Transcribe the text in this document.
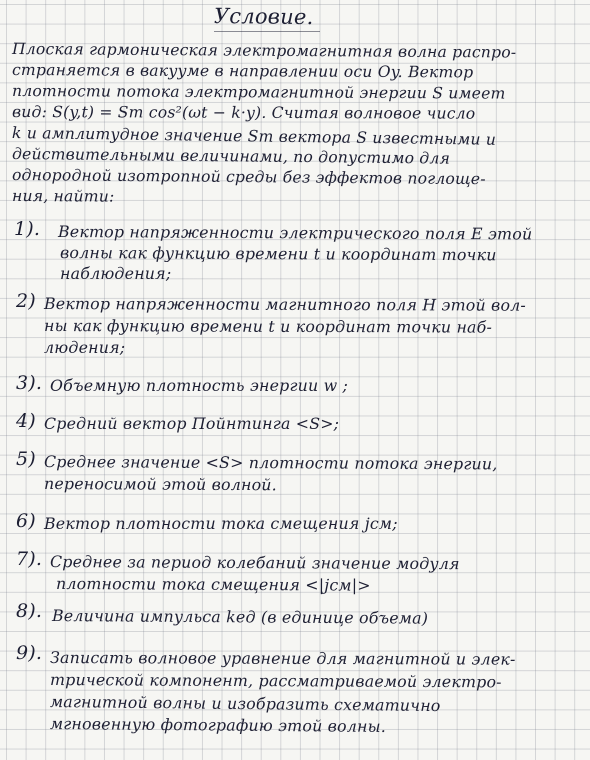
Условие.
Плоская гармоническая электромагнитная волна распро-
страняется в вакууме в направлении оси Oy. Вектор
плотности потока электромагнитной энергии S имеет
вид: S(y,t) = Sm cos²(ωt − k·y). Считая волновое число
k и амплитудное значение Sm вектора S известными и
действительными величинами, по допустимо для
однородной изотропной среды без эффектов поглоще-
ния, найти:
1). Вектор напряженности электрического поля E этой
волны как функцию времени t и координат точки
наблюдения;
2) Вектор напряженности магнитного поля H этой вол-
ны как функцию времени t и координат точки наб-
людения;
3). Объемную плотность энергии w ;
4) Средний вектор Пойнтинга <S>;
5) Среднее значение <S> плотности потока энергии,
переносимой этой волной.
6) Вектор плотности тока смещения jсм;
7). Среднее за период колебаний значение модуля
плотности тока смещения <|jсм|>
8). Величина импульса kед (в единице объема)
9). Записать волновое уравнение для магнитной и элек-
трической компонент, рассматриваемой электро-
магнитной волны и изобразить схематично
мгновенную фотографию этой волны.
